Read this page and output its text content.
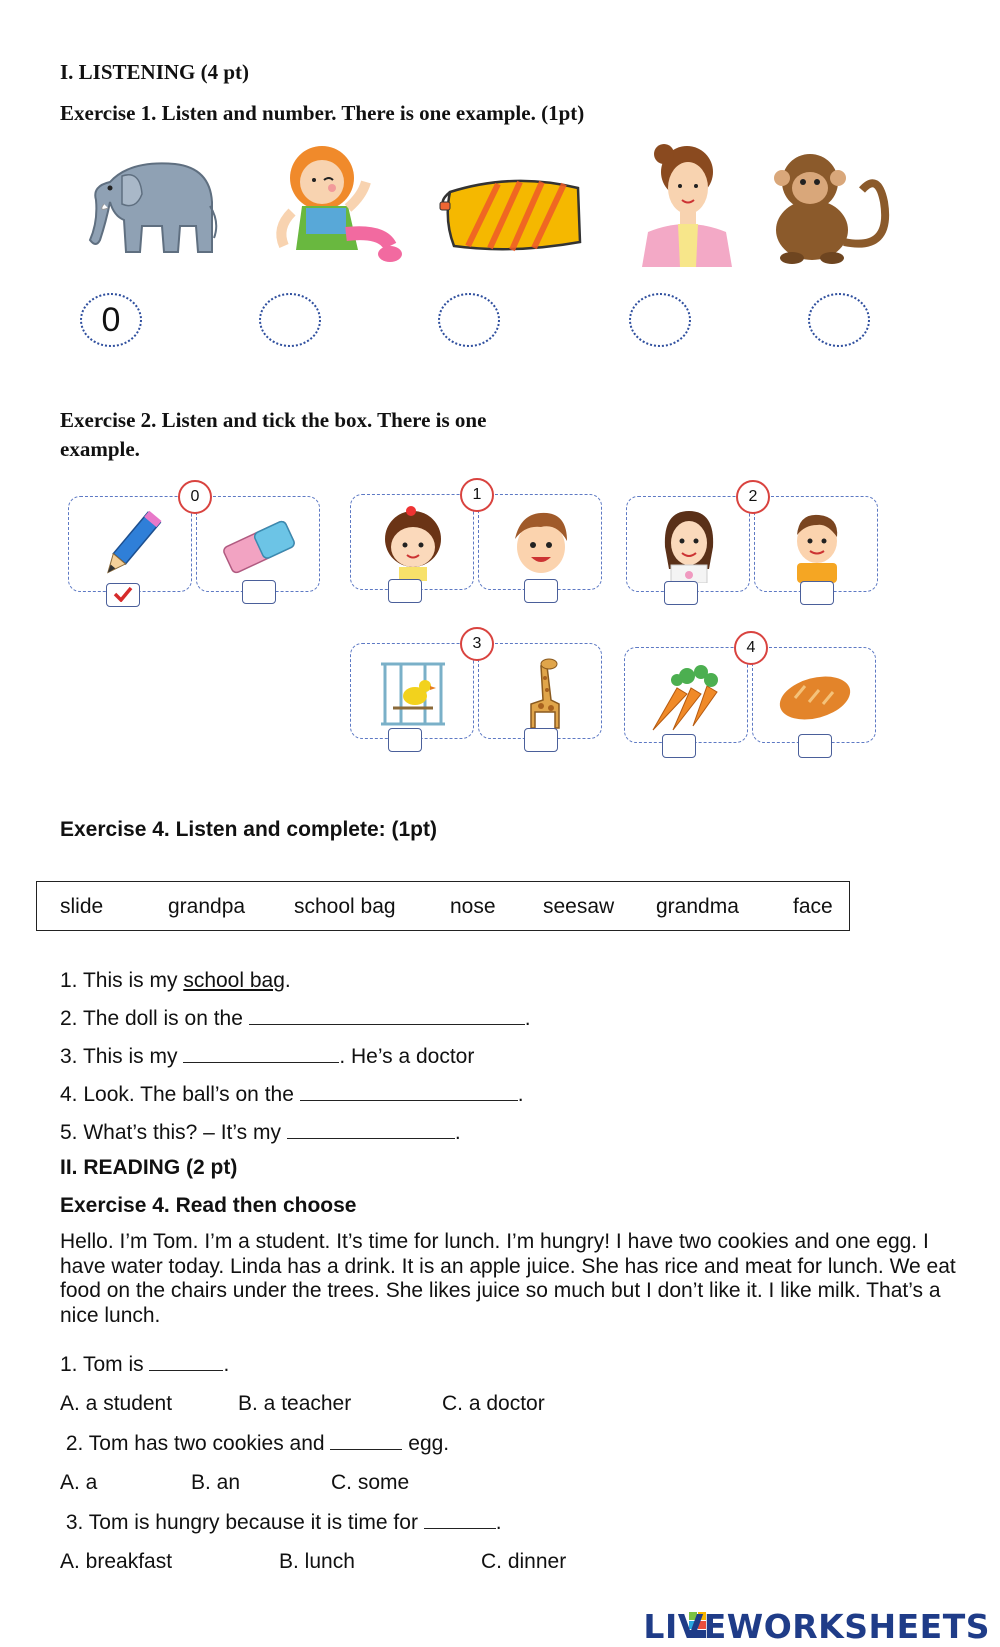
I. LISTENING (4 pt)
Exercise 1. Listen and number. There is one example. (1pt)
0
Exercise 2. Listen and tick the box. There is one example.
0	1	2
3	4
Exercise 4. Listen and complete: (1pt)
slide	grandpa school bag	nose seesaw grandma	face
1. This is my school bag.
2. The doll is on the	.
3. This is my	. He’s a doctor
4. Look. The ball’s on the	.
5. What’s this? – It’s my	.
II. READING (2 pt)
Exercise 4. Read then choose
Hello. I’m Tom. I’m a student. It’s time for lunch. I’m hungry! I have two cookies and one egg. I have water today. Linda has a drink. It is an apple juice. She has rice and meat for lunch. We eat food on the chairs under the trees. She likes juice so much but I don’t like it. I like milk. That’s a nice lunch.
1. Tom is	.
A. a student	B. a teacher	C. a doctor
2. Tom has two cookies and	egg.
A. a	B. an	C. some
3. Tom is hungry because it is time for	.
A. breakfast	B. lunch	C. dinner
LIVEWORKSHEETS
